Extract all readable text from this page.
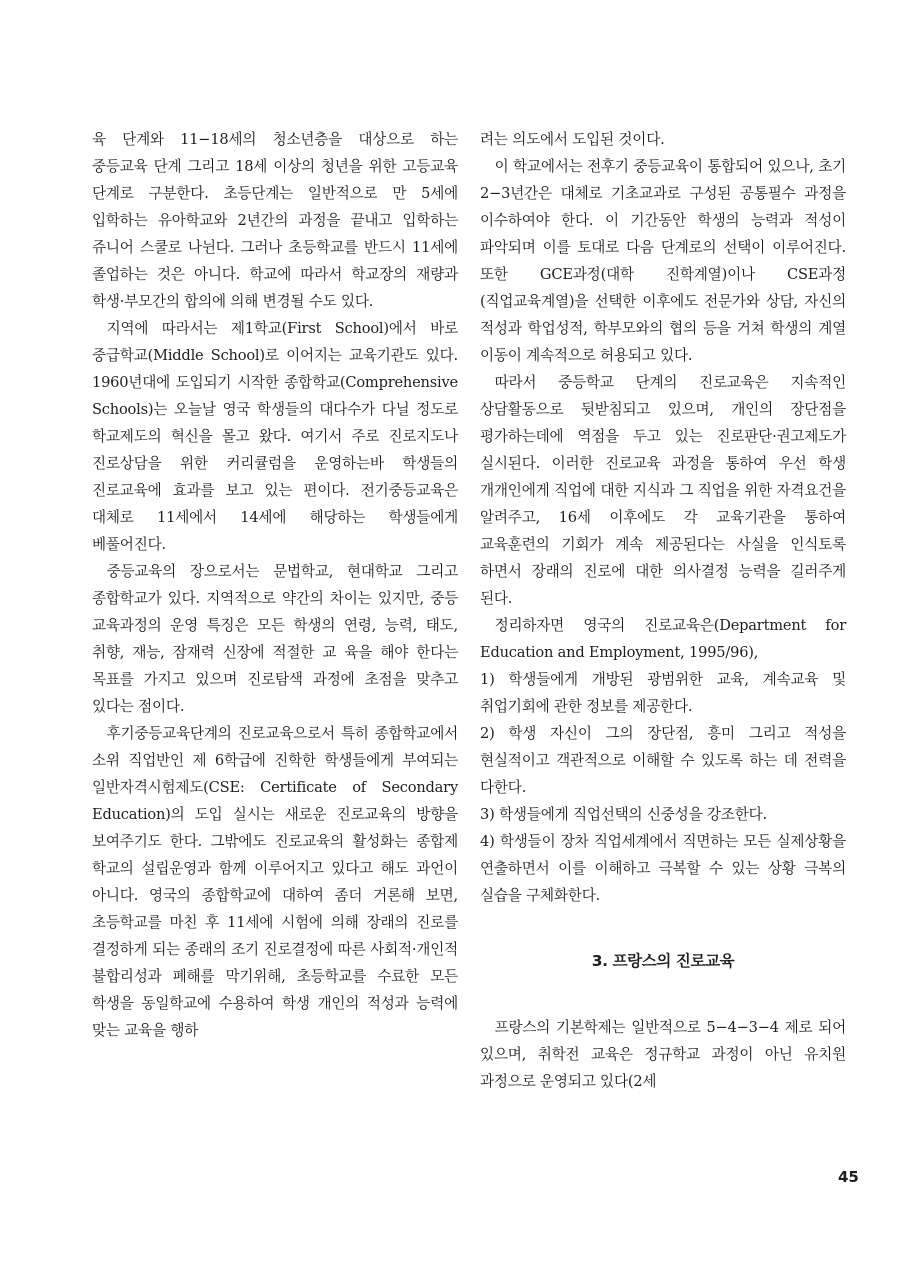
육 단계와 11−18세의 청소년층을 대상으로 하는 중등교육 단계 그리고 18세 이상의 청년을 위한 고등교육 단계로 구분한다. 초등단계는 일반적으로 만 5세에 입학하는 유아학교와 2년간의 과정을 끝내고 입학하는 쥬니어 스쿨로 나뉜다. 그러나 초등학교를 반드시 11세에 졸업하는 것은 아니다. 학교에 따라서 학교장의 재량과 학생·부모간의 합의에 의해 변경될 수도 있다.

지역에 따라서는 제1학교(First School)에서 바로 중급학교(Middle School)로 이어지는 교육기관도 있다. 1960년대에 도입되기 시작한 종합학교(Comprehensive Schools)는 오늘날 영국 학생들의 대다수가 다닐 정도로 학교제도의 혁신을 몰고 왔다. 여기서 주로 진로지도나 진로상담을 위한 커리큘럼을 운영하는바 학생들의 진로교육에 효과를 보고 있는 편이다. 전기중등교육은 대체로 11세에서 14세에 해당하는 학생들에게 베풀어진다.

중등교육의 장으로서는 문법학교, 현대학교 그리고 종합학교가 있다. 지역적으로 약간의 차이는 있지만, 중등 교육과정의 운영 특징은 모든 학생의 연령, 능력, 태도, 취향, 재능, 잠재력 신장에 적절한 교 육을 해야 한다는 목표를 가지고 있으며 진로탐색 과정에 초점을 맞추고 있다는 점이다.

후기중등교육단계의 진로교육으로서 특히 종합학교에서 소위 직업반인 제 6학급에 진학한 학생들에게 부여되는 일반자격시험제도(CSE: Certificate of Secondary Education)의 도입 실시는 새로운 진로교육의 방향을 보여주기도 한다. 그밖에도 진로교육의 활성화는 종합제 학교의 설립운영과 함께 이루어지고 있다고 해도 과언이 아니다. 영국의 종합학교에 대하여 좀더 거론해 보면, 초등학교를 마친 후 11세에 시험에 의해 장래의 진로를 결정하게 되는 종래의 조기 진로결정에 따른 사회적·개인적 불합리성과 폐해를 막기위해, 초등학교를 수료한 모든 학생을 동일학교에 수용하여 학생 개인의 적성과 능력에 맞는 교육을 행하

려는 의도에서 도입된 것이다.

이 학교에서는 전후기 중등교육이 통합되어 있으나, 초기 2−3년간은 대체로 기초교과로 구성된 공통필수 과정을 이수하여야 한다. 이 기간동안 학생의 능력과 적성이 파악되며 이를 토대로 다음 단계로의 선택이 이루어진다. 또한 GCE과정(대학 진학계열)이나 CSE과정(직업교육계열)을 선택한 이후에도 전문가와 상담, 자신의 적성과 학업성적, 학부모와의 협의 등을 거쳐 학생의 계열 이동이 계속적으로 허용되고 있다.

따라서 중등학교 단계의 진로교육은 지속적인 상담활동으로 뒷받침되고 있으며, 개인의 장단점을 평가하는데에 역점을 두고 있는 진로판단·권고제도가 실시된다. 이러한 진로교육 과정을 통하여 우선 학생 개개인에게 직업에 대한 지식과 그 직업을 위한 자격요건을 알려주고, 16세 이후에도 각 교육기관을 통하여 교육훈련의 기회가 계속 제공된다는 사실을 인식토록 하면서 장래의 진로에 대한 의사결정 능력을 길러주게 된다.

정리하자면 영국의 진로교육은(Department for Education and Employment, 1995/96),

1) 학생들에게 개방된 광범위한 교육, 계속교육 및 취업기회에 관한 정보를 제공한다.

2) 학생 자신이 그의 장단점, 흥미 그리고 적성을 현실적이고 객관적으로 이해할 수 있도록 하는 데 전력을 다한다.

3) 학생들에게 직업선택의 신중성을 강조한다.

4) 학생들이 장차 직업세계에서 직면하는 모든 실제상황을 연출하면서 이를 이해하고 극복할 수 있는 상황 극복의 실습을 구체화한다.

3. 프랑스의 진로교육

프랑스의 기본학제는 일반적으로 5−4−3−4 제로 되어 있으며, 취학전 교육은 정규학교 과정이 아닌 유치원 과정으로 운영되고 있다(2세

45
